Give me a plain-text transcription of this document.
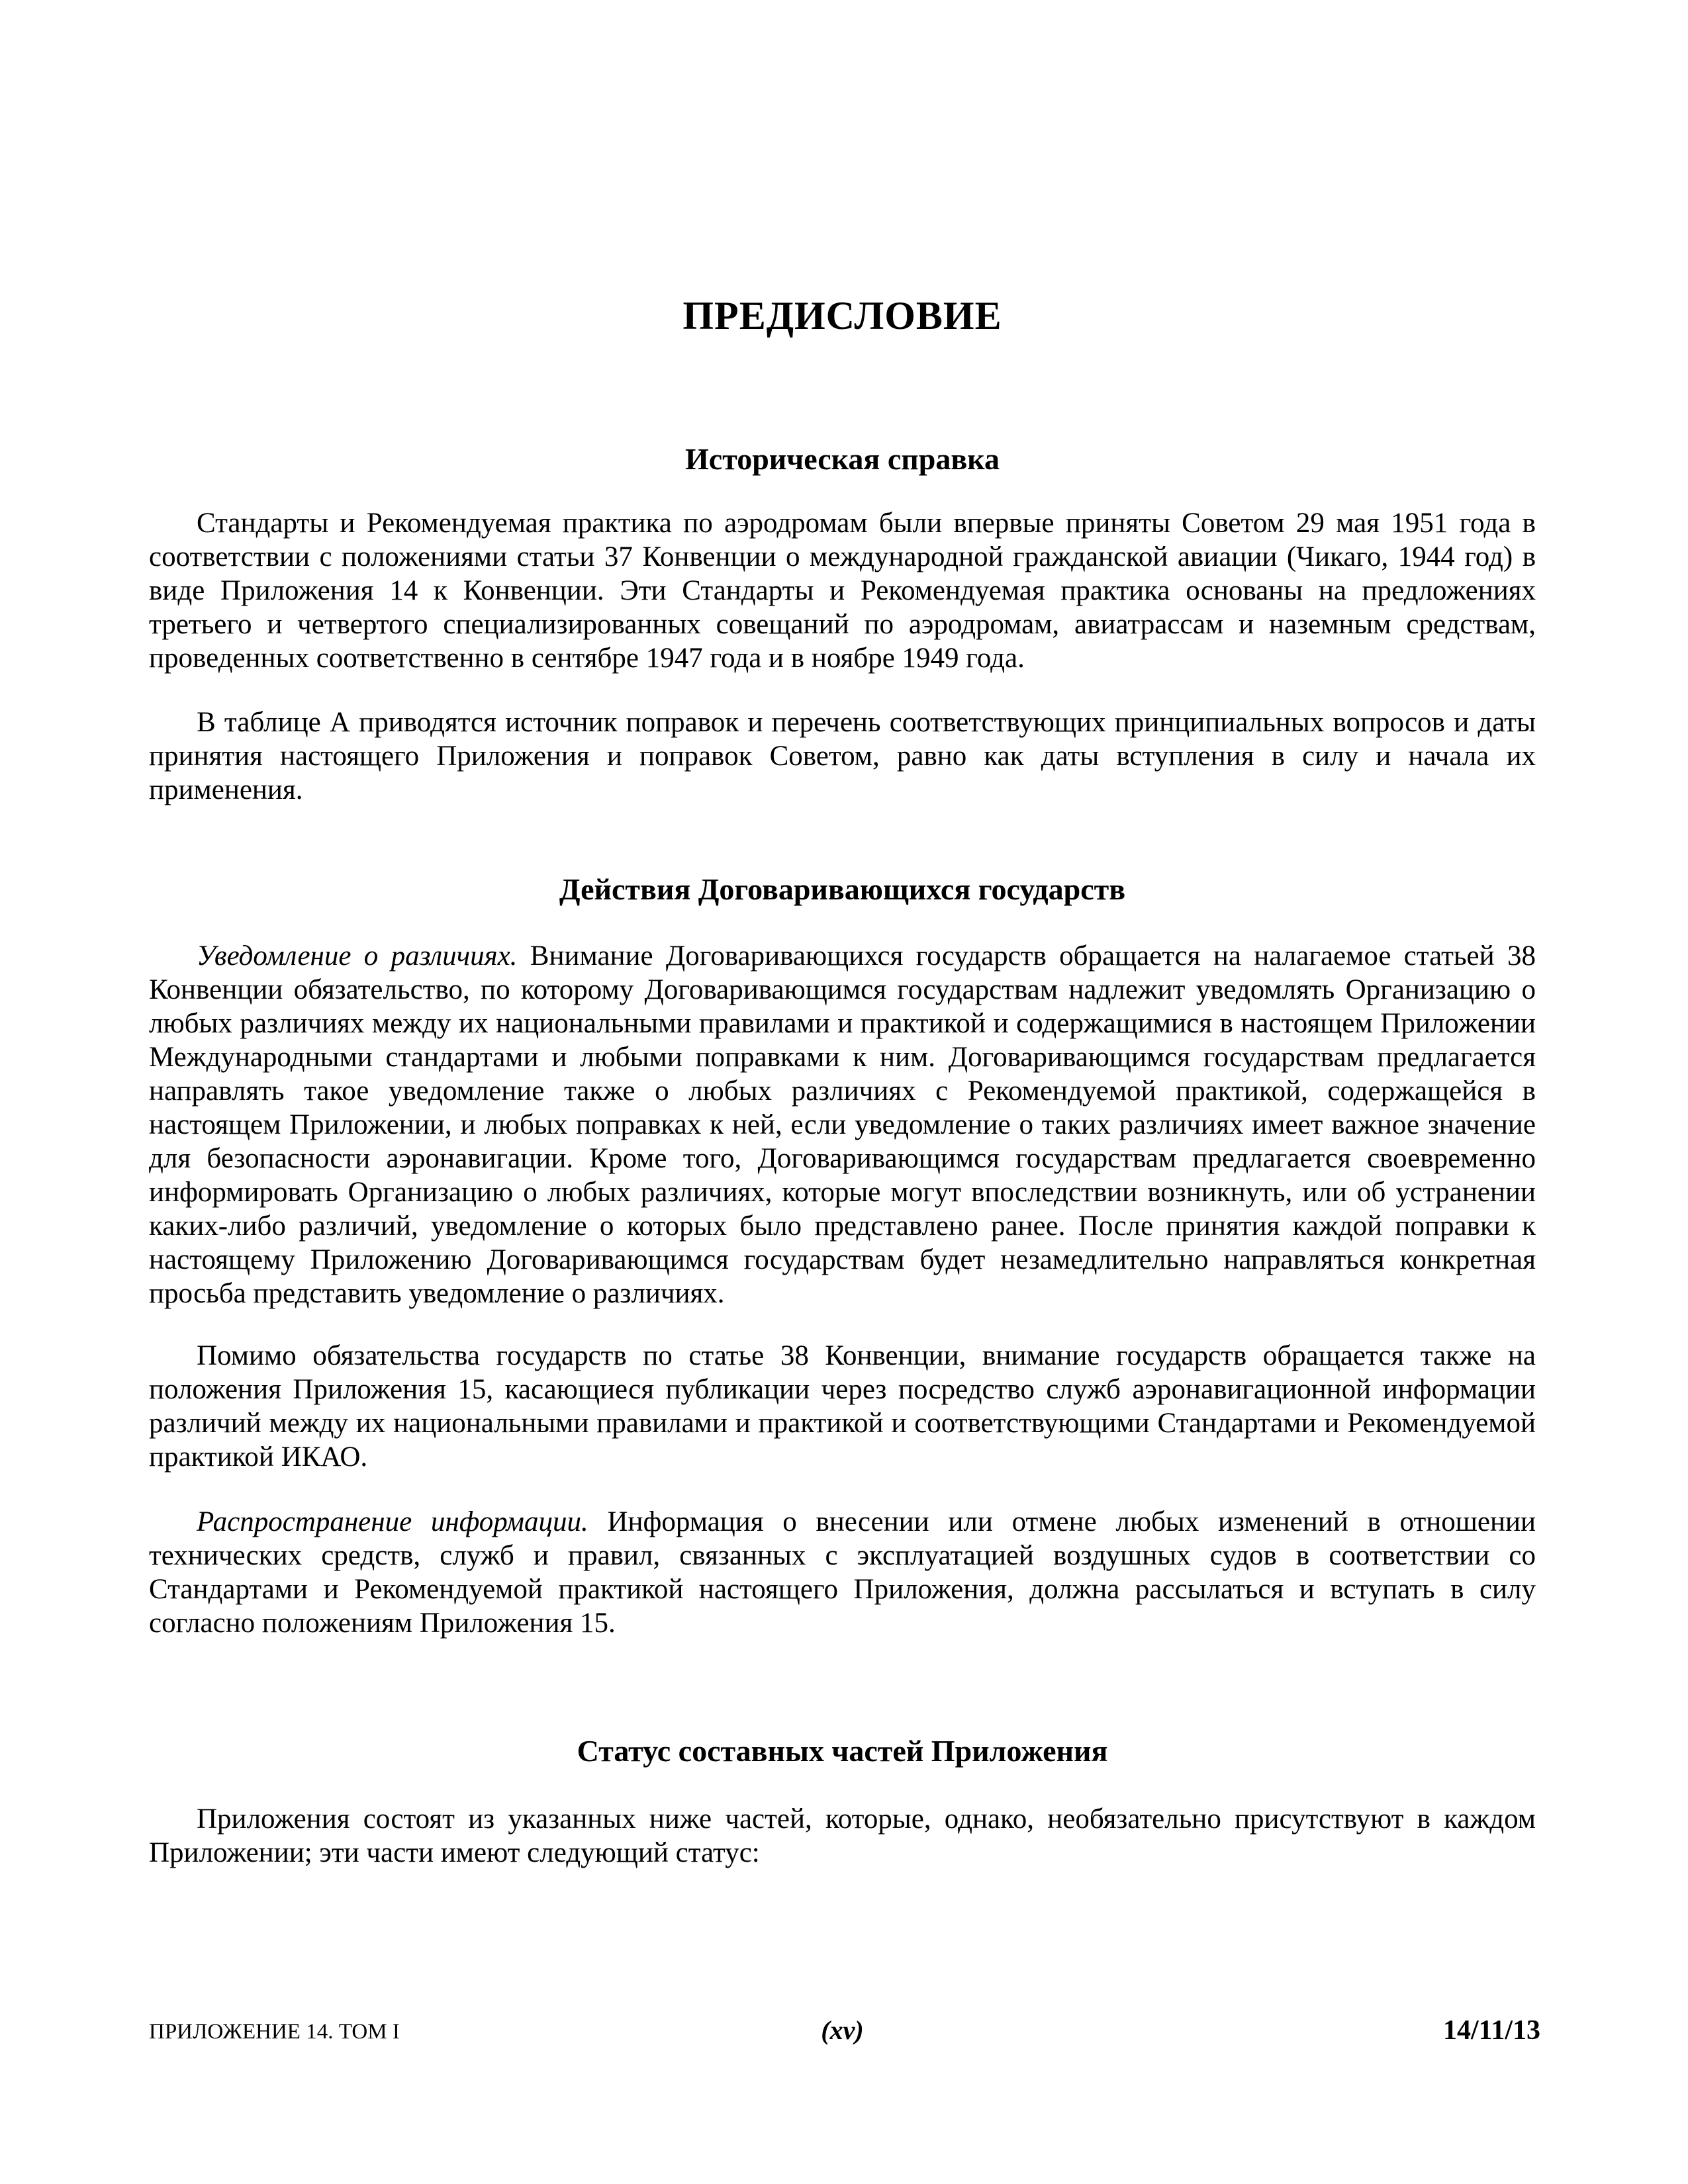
ПРЕДИСЛОВИЕ
Историческая справка

Стандарты и Рекомендуемая практика по аэродромам были впервые приняты Советом 29 мая 1951 года в соответствии с положениями статьи 37 Конвенции о международной гражданской авиации (Чикаго, 1944 год) в виде Приложения 14 к Конвенции. Эти Стандарты и Рекомендуемая практика основаны на предложениях третьего и четвертого специализированных совещаний по аэродромам, авиатрассам и наземным средствам, проведенных соответственно в сентябре 1947 года и в ноябре 1949 года.

В таблице А приводятся источник поправок и перечень соответствующих принципиальных вопросов и даты принятия настоящего Приложения и поправок Советом, равно как даты вступления в силу и начала их применения.

Действия Договаривающихся государств

Уведомление о различиях. Внимание Договаривающихся государств обращается на налагаемое статьей 38 Конвенции обязательство, по которому Договаривающимся государствам надлежит уведомлять Организацию о любых различиях между их национальными правилами и практикой и содержащимися в настоящем Приложении Международными стандартами и любыми поправками к ним. Договаривающимся государствам предлагается направлять такое уведомление также о любых различиях с Рекомендуемой практикой, содержащейся в настоящем Приложении, и любых поправках к ней, если уведомление о таких различиях имеет важное значение для безопасности аэронавигации. Кроме того, Договаривающимся государствам предлагается своевременно информировать Организацию о любых различиях, которые могут впоследствии возникнуть, или об устранении каких-либо различий, уведомление о которых было представлено ранее. После принятия каждой поправки к настоящему Приложению Договаривающимся государствам будет незамедлительно направляться конкретная просьба представить уведомление о различиях.

Помимо обязательства государств по статье 38 Конвенции, внимание государств обращается также на положения Приложения 15, касающиеся публикации через посредство служб аэронавигационной информации различий между их национальными правилами и практикой и соответствующими Стандартами и Рекомендуемой практикой ИКАО.

Распространение информации. Информация о внесении или отмене любых изменений в отношении технических средств, служб и правил, связанных с эксплуатацией воздушных судов в соответствии со Стандартами и Рекомендуемой практикой настоящего Приложения, должна рассылаться и вступать в силу согласно положениям Приложения 15.

Статус составных частей Приложения

Приложения состоят из указанных ниже частей, которые, однако, необязательно присутствуют в каждом Приложении; эти части имеют следующий статус:

ПРИЛОЖЕНИЕ 14. ТОМ I	(xv)	14/11/13
